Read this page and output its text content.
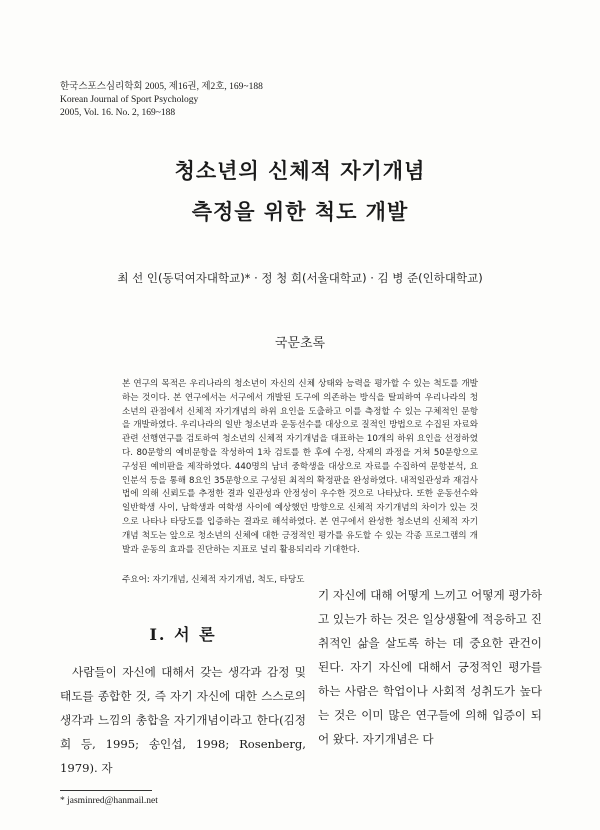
한국스포스심리학회 2005, 제16권, 제2호, 169~188
Korean Journal of Sport Psychology
2005, Vol. 16. No. 2, 169~188
청소년의 신체적 자기개념
측정을 위한 척도 개발
최 선 인(동덕여자대학교)* · 정 청 희(서울대학교) · 김 병 준(인하대학교)
국문초록
본 연구의 목적은 우리나라의 청소년이 자신의 신체 상태와 능력을 평가할 수 있는 척도를 개발하는 것이다. 본 연구에서는 서구에서 개발된 도구에 의존하는 방식을 탈피하여 우리나라의 청소년의 관점에서 신체적 자기개념의 하위 요인을 도출하고 이를 측정할 수 있는 구체적인 문항을 개발하였다. 우리나라의 일반 청소년과 운동선수를 대상으로 질적인 방법으로 수집된 자료와 관련 선행연구를 검토하여 청소년의 신체적 자기개념을 대표하는 10개의 하위 요인을 선정하였다. 80문항의 예비문항을 작성하여 1차 검토를 한 후에 수정, 삭제의 과정을 거쳐 50문항으로 구성된 예비판을 제작하였다. 440명의 남녀 중학생을 대상으로 자료를 수집하여 문항분석, 요인분석 등을 통해 8요인 35문항으로 구성된 최적의 확정판을 완성하였다. 내적일관성과 재검사법에 의해 신뢰도를 추정한 결과 일관성과 안정성이 우수한 것으로 나타났다. 또한 운동선수와 일반학생 사이, 남학생과 여학생 사이에 예상했던 방향으로 신체적 자기개념의 차이가 있는 것으로 나타나 타당도를 입증하는 결과로 해석하였다. 본 연구에서 완성한 청소년의 신체적 자기개념 척도는 앞으로 청소년의 신체에 대한 긍정적인 평가를 유도할 수 있는 각종 프로그램의 개발과 운동의 효과를 진단하는 지표로 널리 활용되리라 기대한다.
주요어: 자기개념, 신체적 자기개념, 척도, 타당도
I. 서 론

사람들이 자신에 대해서 갖는 생각과 감정 및 태도를 종합한 것, 즉 자기 자신에 대한 스스로의 생각과 느낌의 총합을 자기개념이라고 한다(김정희 등, 1995; 송인섭, 1998; Rosenberg, 1979). 자

기 자신에 대해 어떻게 느끼고 어떻게 평가하고 있는가 하는 것은 일상생활에 적응하고 진취적인 삶을 살도록 하는 데 중요한 관건이 된다. 자기 자신에 대해서 긍정적인 평가를 하는 사람은 학업이나 사회적 성취도가 높다는 것은 이미 많은 연구들에 의해 입증이 되어 왔다. 자기개념은 다

* jasminred@hanmail.net
